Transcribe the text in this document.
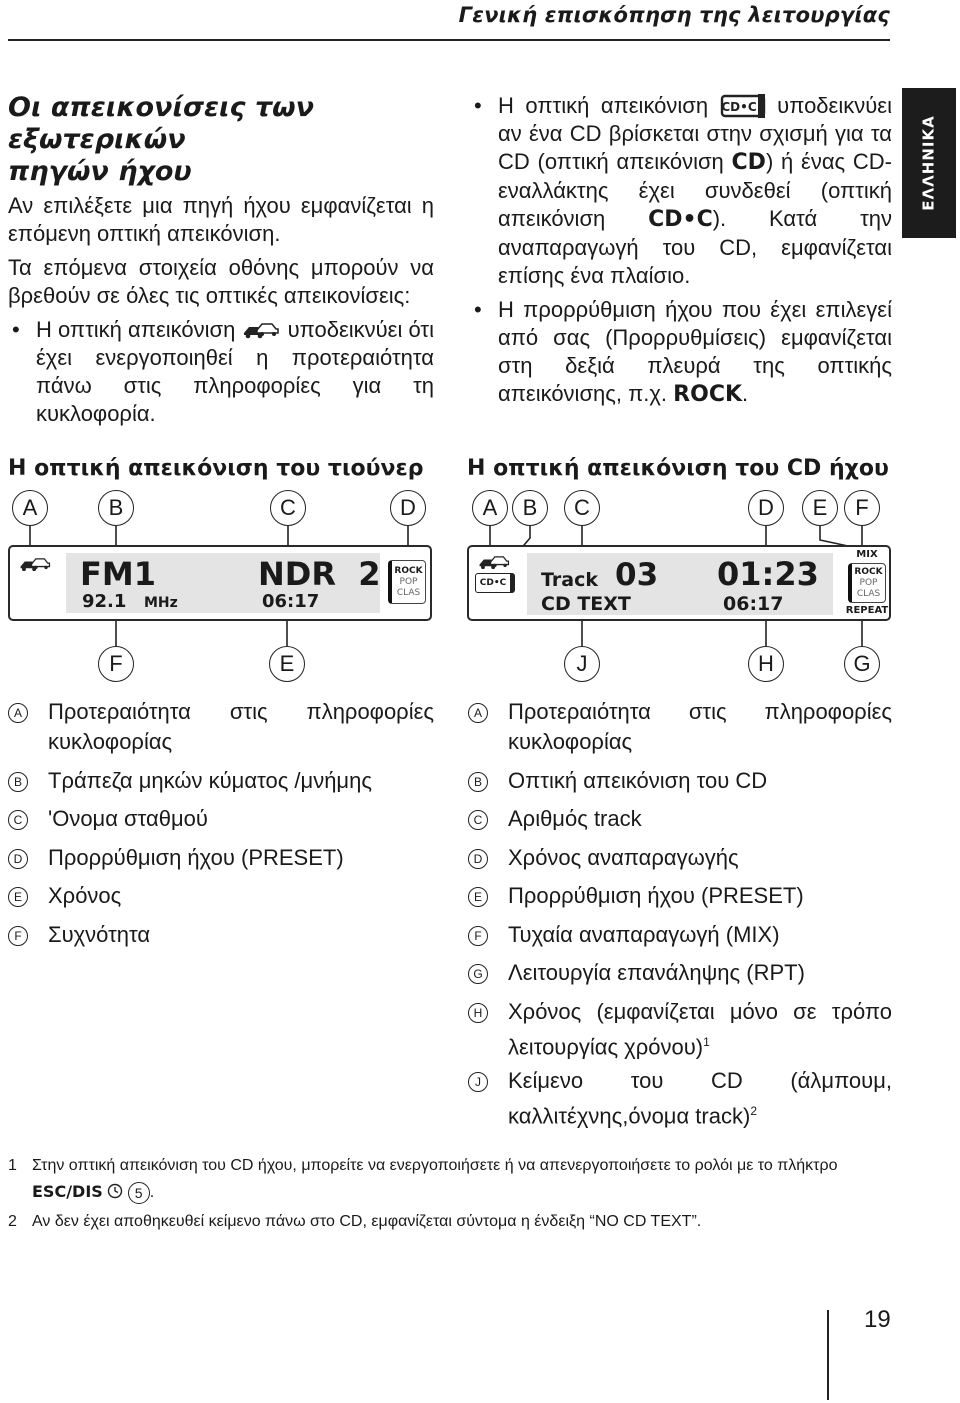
Γενική επισκόπηση της λειτουργίας
ΕΛΛΗΝΙΚΑ
Οι απεικονίσεις των εξωτερικών
πηγών ήχου
Αν επιλέξετε μια πηγή ήχου εμφανίζεται η επόμενη οπτική απεικόνιση.
Τα επόμενα στοιχεία οθόνης μπορούν να βρεθούν σε όλες τις οπτικές απεικονίσεις:
• Η οπτική απεικόνιση υποδεικνύει ότι έχει ενεργοποιηθεί η προτεραιότητα πάνω στις πληροφορίες για τη κυκλοφορία.
• Η οπτική απεικόνιση CD•C υποδεικνύει αν ένα CD βρίσκεται στην σχισμή για τα CD (οπτική απεικόνιση CD) ή ένας CD- εναλλάκτης έχει συνδεθεί (οπτική απεικόνιση CD•C). Κατά την αναπαραγωγή του CD, εμφανίζεται επίσης ένα πλαίσιο.
• Η προρρύθμιση ήχου που έχει επιλεγεί από σας (Προρρυθμίσεις) εμφανίζεται στη δεξιά πλευρά της οπτικής απεικόνισης, π.χ. ROCK.
Η οπτική απεικόνιση του τιούνερ
A	B	C	D
FM1
92.1 MHz
NDR  2
06:17
ROCK
POP
CLAS
F	E
Η οπτική απεικόνιση του CD ήχου
A	B	C	D	E	F
CD•C	Track 03 01:23
CD TEXT	06:17
MIX
ROCK
POP
CLAS
REPEAT
J	H	G
A Προτεραιότητα στις πληροφορίες κυκλοφορίας
B Τράπεζα μηκών κύματος /μνήμης
C 'Ονομα σταθμού
D Προρρύθμιση ήχου (PRESET)
E Χρόνος
F Συχνότητα
A Προτεραιότητα στις πληροφορίες κυκλοφορίας
B Οπτική απεικόνιση του CD
C Αριθμός track
D Χρόνος αναπαραγωγής
E Προρρύθμιση ήχου (PRESET)
F Τυχαία αναπαραγωγή (MIX)
G Λειτουργία επανάληψης (RPT)
H Χρόνος (εμφανίζεται μόνο σε τρόπο λειτουργίας χρόνου)$^1$
J	Κείμενο του CD (άλμπουμ, καλλιτέχνης,όνομα track)$^2$
1 Στην οπτική απεικόνιση του CD ήχου, μπορείτε να ενεργοποιήσετε ή να απενεργοποιήσετε το ρολόι με το πλήκτρο
ESC/DIS 5 .
2 Αν δεν έχει αποθηκευθεί κείμενο πάνω στο CD, εμφανίζεται σύντομα η ένδειξη “NO CD TEXT”.
19
